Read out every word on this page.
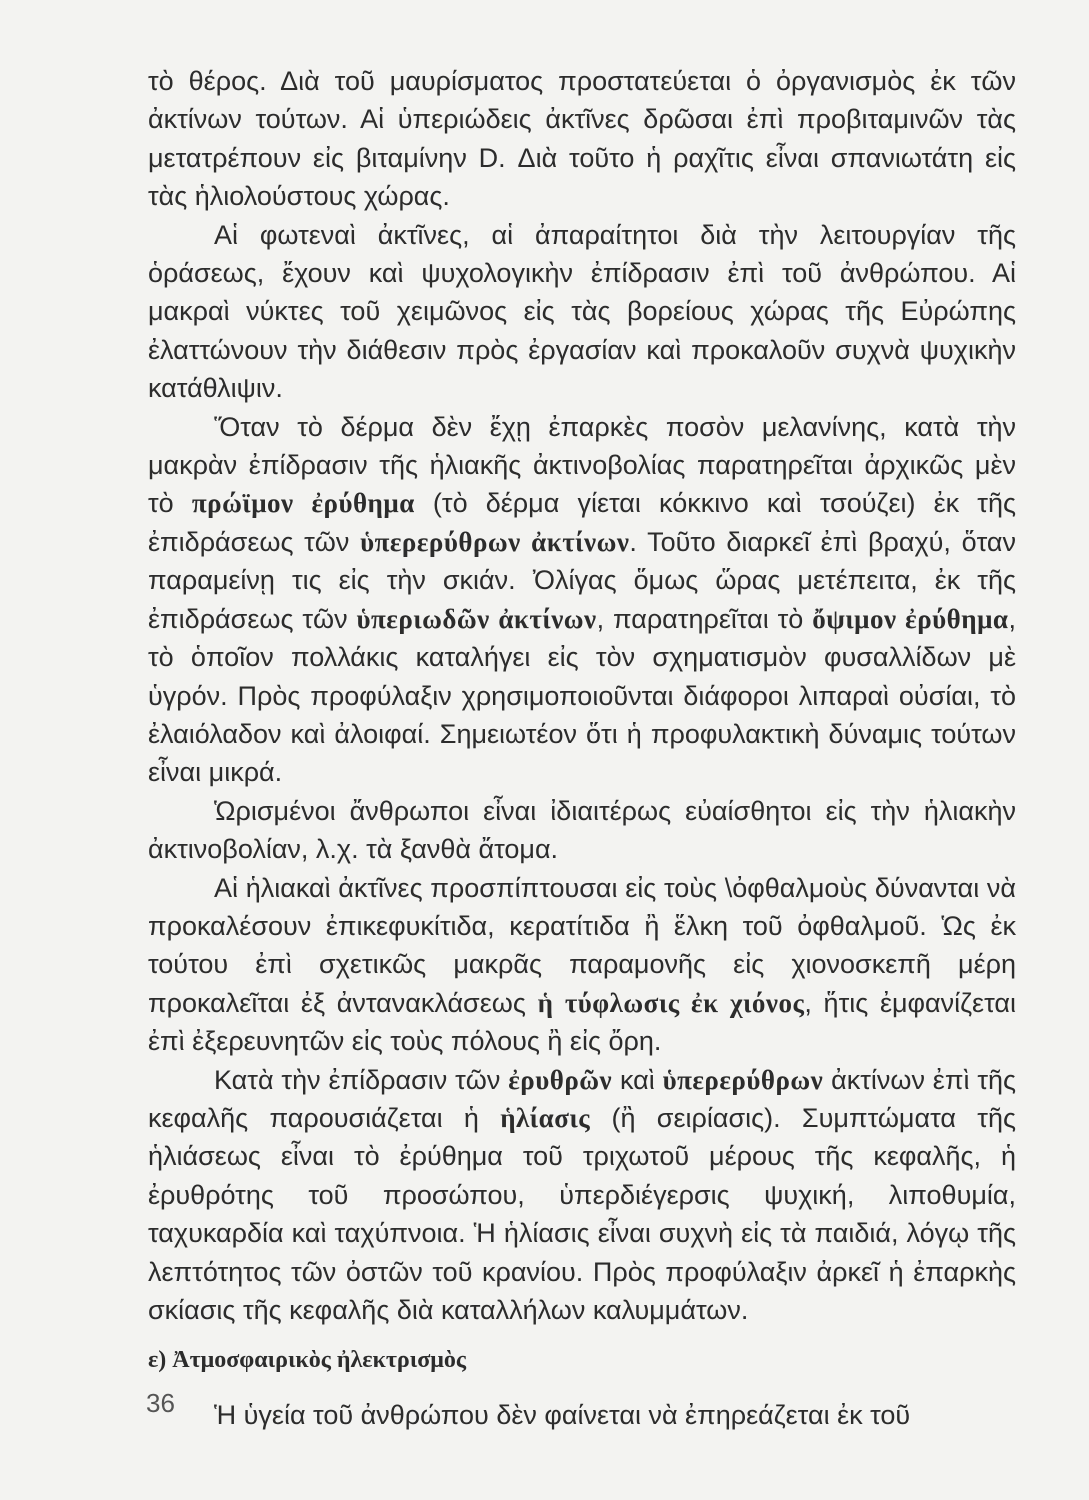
τὸ θέρος. Διὰ τοῦ μαυρίσματος προστατεύεται ὁ ὀργανισμὸς ἐκ τῶν ἀκτίνων τούτων. Αἱ ὑπεριώδεις ἀκτῖνες δρῶσαι ἐπὶ προβιταμινῶν τὰς μετατρέπουν εἰς βιταμίνην D. Διὰ τοῦτο ἡ ραχῖτις εἶναι σπανιωτάτη εἰς τὰς ἡλιολούστους χώρας.

Αἱ φωτεναὶ ἀκτῖνες, αἱ ἀπαραίτητοι διὰ τὴν λειτουργίαν τῆς ὁράσεως, ἔχουν καὶ ψυχολογικὴν ἐπίδρασιν ἐπὶ τοῦ ἀνθρώπου. Αἱ μακραὶ νύκτες τοῦ χειμῶνος εἰς τὰς βορείους χώρας τῆς Εὐρώπης ἐλαττώνουν τὴν διάθεσιν πρὸς ἐργασίαν καὶ προκαλοῦν συχνὰ ψυχικὴν κατάθλιψιν.

Ὅταν τὸ δέρμα δὲν ἔχῃ ἐπαρκὲς ποσὸν μελανίνης, κατὰ τὴν μακρὰν ἐπίδρασιν τῆς ἡλιακῆς ἀκτινοβολίας παρατηρεῖται ἀρχικῶς μὲν τὸ πρώϊμον ἐρύθημα (τὸ δέρμα γίεται κόκκινο καὶ τσούζει) ἐκ τῆς ἐπιδράσεως τῶν ὑπερερύθρων ἀκτίνων. Τοῦτο διαρκεῖ ἐπὶ βραχύ, ὅταν παραμείνῃ τις εἰς τὴν σκιάν. Ὀλίγας ὅμως ὥρας μετέπειτα, ἐκ τῆς ἐπιδράσεως τῶν ὑπεριωδῶν ἀκτίνων, παρατηρεῖται τὸ ὄψιμον ἐρύθημα, τὸ ὁποῖον πολλάκις καταλήγει εἰς τὸν σχηματισμὸν φυσαλλίδων μὲ ὑγρόν. Πρὸς προφύλαξιν χρησιμοποιοῦνται διάφοροι λιπαραὶ οὐσίαι, τὸ ἐλαιόλαδον καὶ ἀλοιφαί. Σημειωτέον ὅτι ἡ προφυλακτικὴ δύναμις τούτων εἶναι μικρά.

Ὡρισμένοι ἄνθρωποι εἶναι ἰδιαιτέρως εὐαίσθητοι εἰς τὴν ἡλιακὴν ἀκτινοβολίαν, λ.χ. τὰ ξανθὰ ἄτομα.

Αἱ ἡλιακαὶ ἀκτῖνες προσπίπτουσαι εἰς τοὺς \ὀφθαλμοὺς δύνανται νὰ προκαλέσουν ἐπικεφυκίτιδα, κερατίτιδα ἢ ἕλκη τοῦ ὀφθαλμοῦ. Ὡς ἐκ τούτου ἐπὶ σχετικῶς μακρᾶς παραμονῆς εἰς χιονοσκεπῆ μέρη προκαλεῖται ἐξ ἀντανακλάσεως ἡ τύφλωσις ἐκ χιόνος, ἥτις ἐμφανίζεται ἐπὶ ἐξερευνητῶν εἰς τοὺς πόλους ἢ εἰς ὄρη.

Κατὰ τὴν ἐπίδρασιν τῶν ἐρυθρῶν καὶ ὑπερερύθρων ἀκτίνων ἐπὶ τῆς κεφαλῆς παρουσιάζεται ἡ ἡλίασις (ἢ σειρίασις). Συμπτώματα τῆς ἡλιάσεως εἶναι τὸ ἐρύθημα τοῦ τριχωτοῦ μέρους τῆς κεφαλῆς, ἡ ἐρυθρότης τοῦ προσώπου, ὑπερδιέγερσις ψυχική, λιποθυμία, ταχυκαρδία καὶ ταχύπνοια. Ἡ ἡλίασις εἶναι συχνὴ εἰς τὰ παιδιά, λόγῳ τῆς λεπτότητος τῶν ὀστῶν τοῦ κρανίου. Πρὸς προφύλαξιν ἀρκεῖ ἡ ἐπαρκὴς σκίασις τῆς κεφαλῆς διὰ καταλλήλων καλυμμάτων.

ε) Ἀτμοσφαιρικὸς ἠλεκτρισμὸς

Ἡ ὑγεία τοῦ ἀνθρώπου δὲν φαίνεται νὰ ἐπηρεάζεται ἐκ τοῦ

36
